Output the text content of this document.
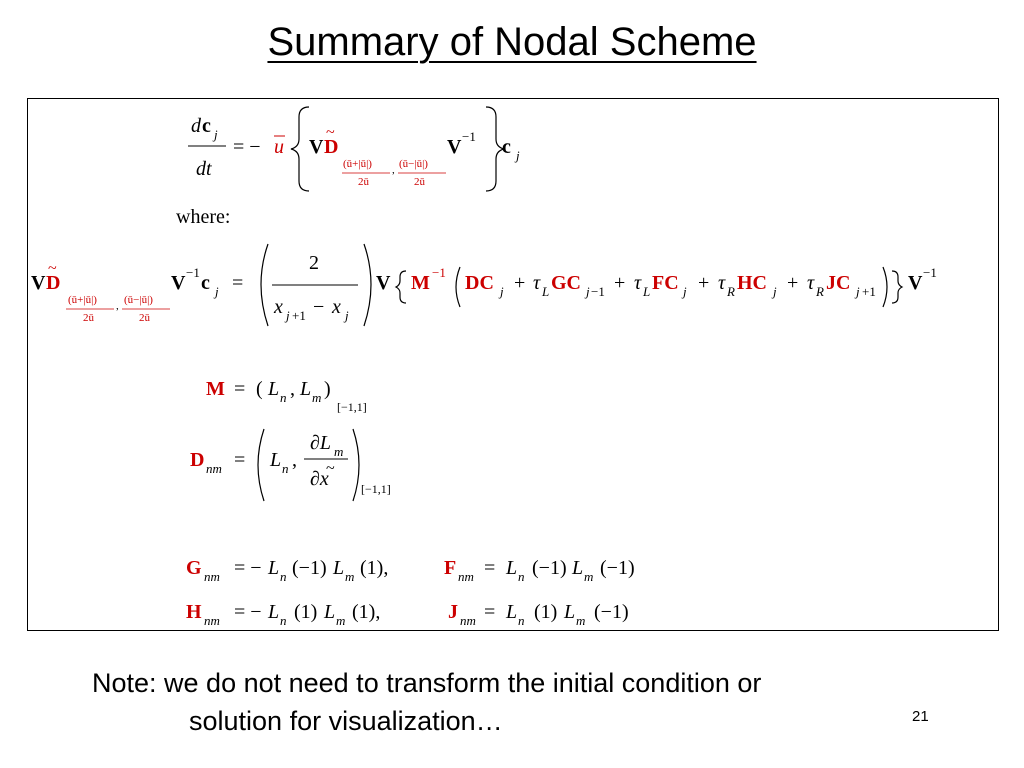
Summary of Nodal Scheme
d c j
dt
= − u V D
~
(ū+|ū|)
2ū
, (ū−|ū|)
2ū
V −1 c j
where:
V D
~
(ū+|ū|)
2ū
, (ū−|ū|)
2ū
V −1 c j =
2
x j +1 − x j
V M −1 DC j + τ L GC j −1 + τ L FC j + τ R HC j + τ R JC j +1 V −1
M = ( L n , L m )
[−1,1]
D nm = L n ,
∂L m
∂x
~
[−1,1]
G nm = − L n (−1) L m (1),	F nm = L n (−1) L m (−1)
H nm = − L n (1) L m (1),	J nm = L n (1) L m (−1)
Note: we do not need to transform the initial condition or
solution for visualization…	21
